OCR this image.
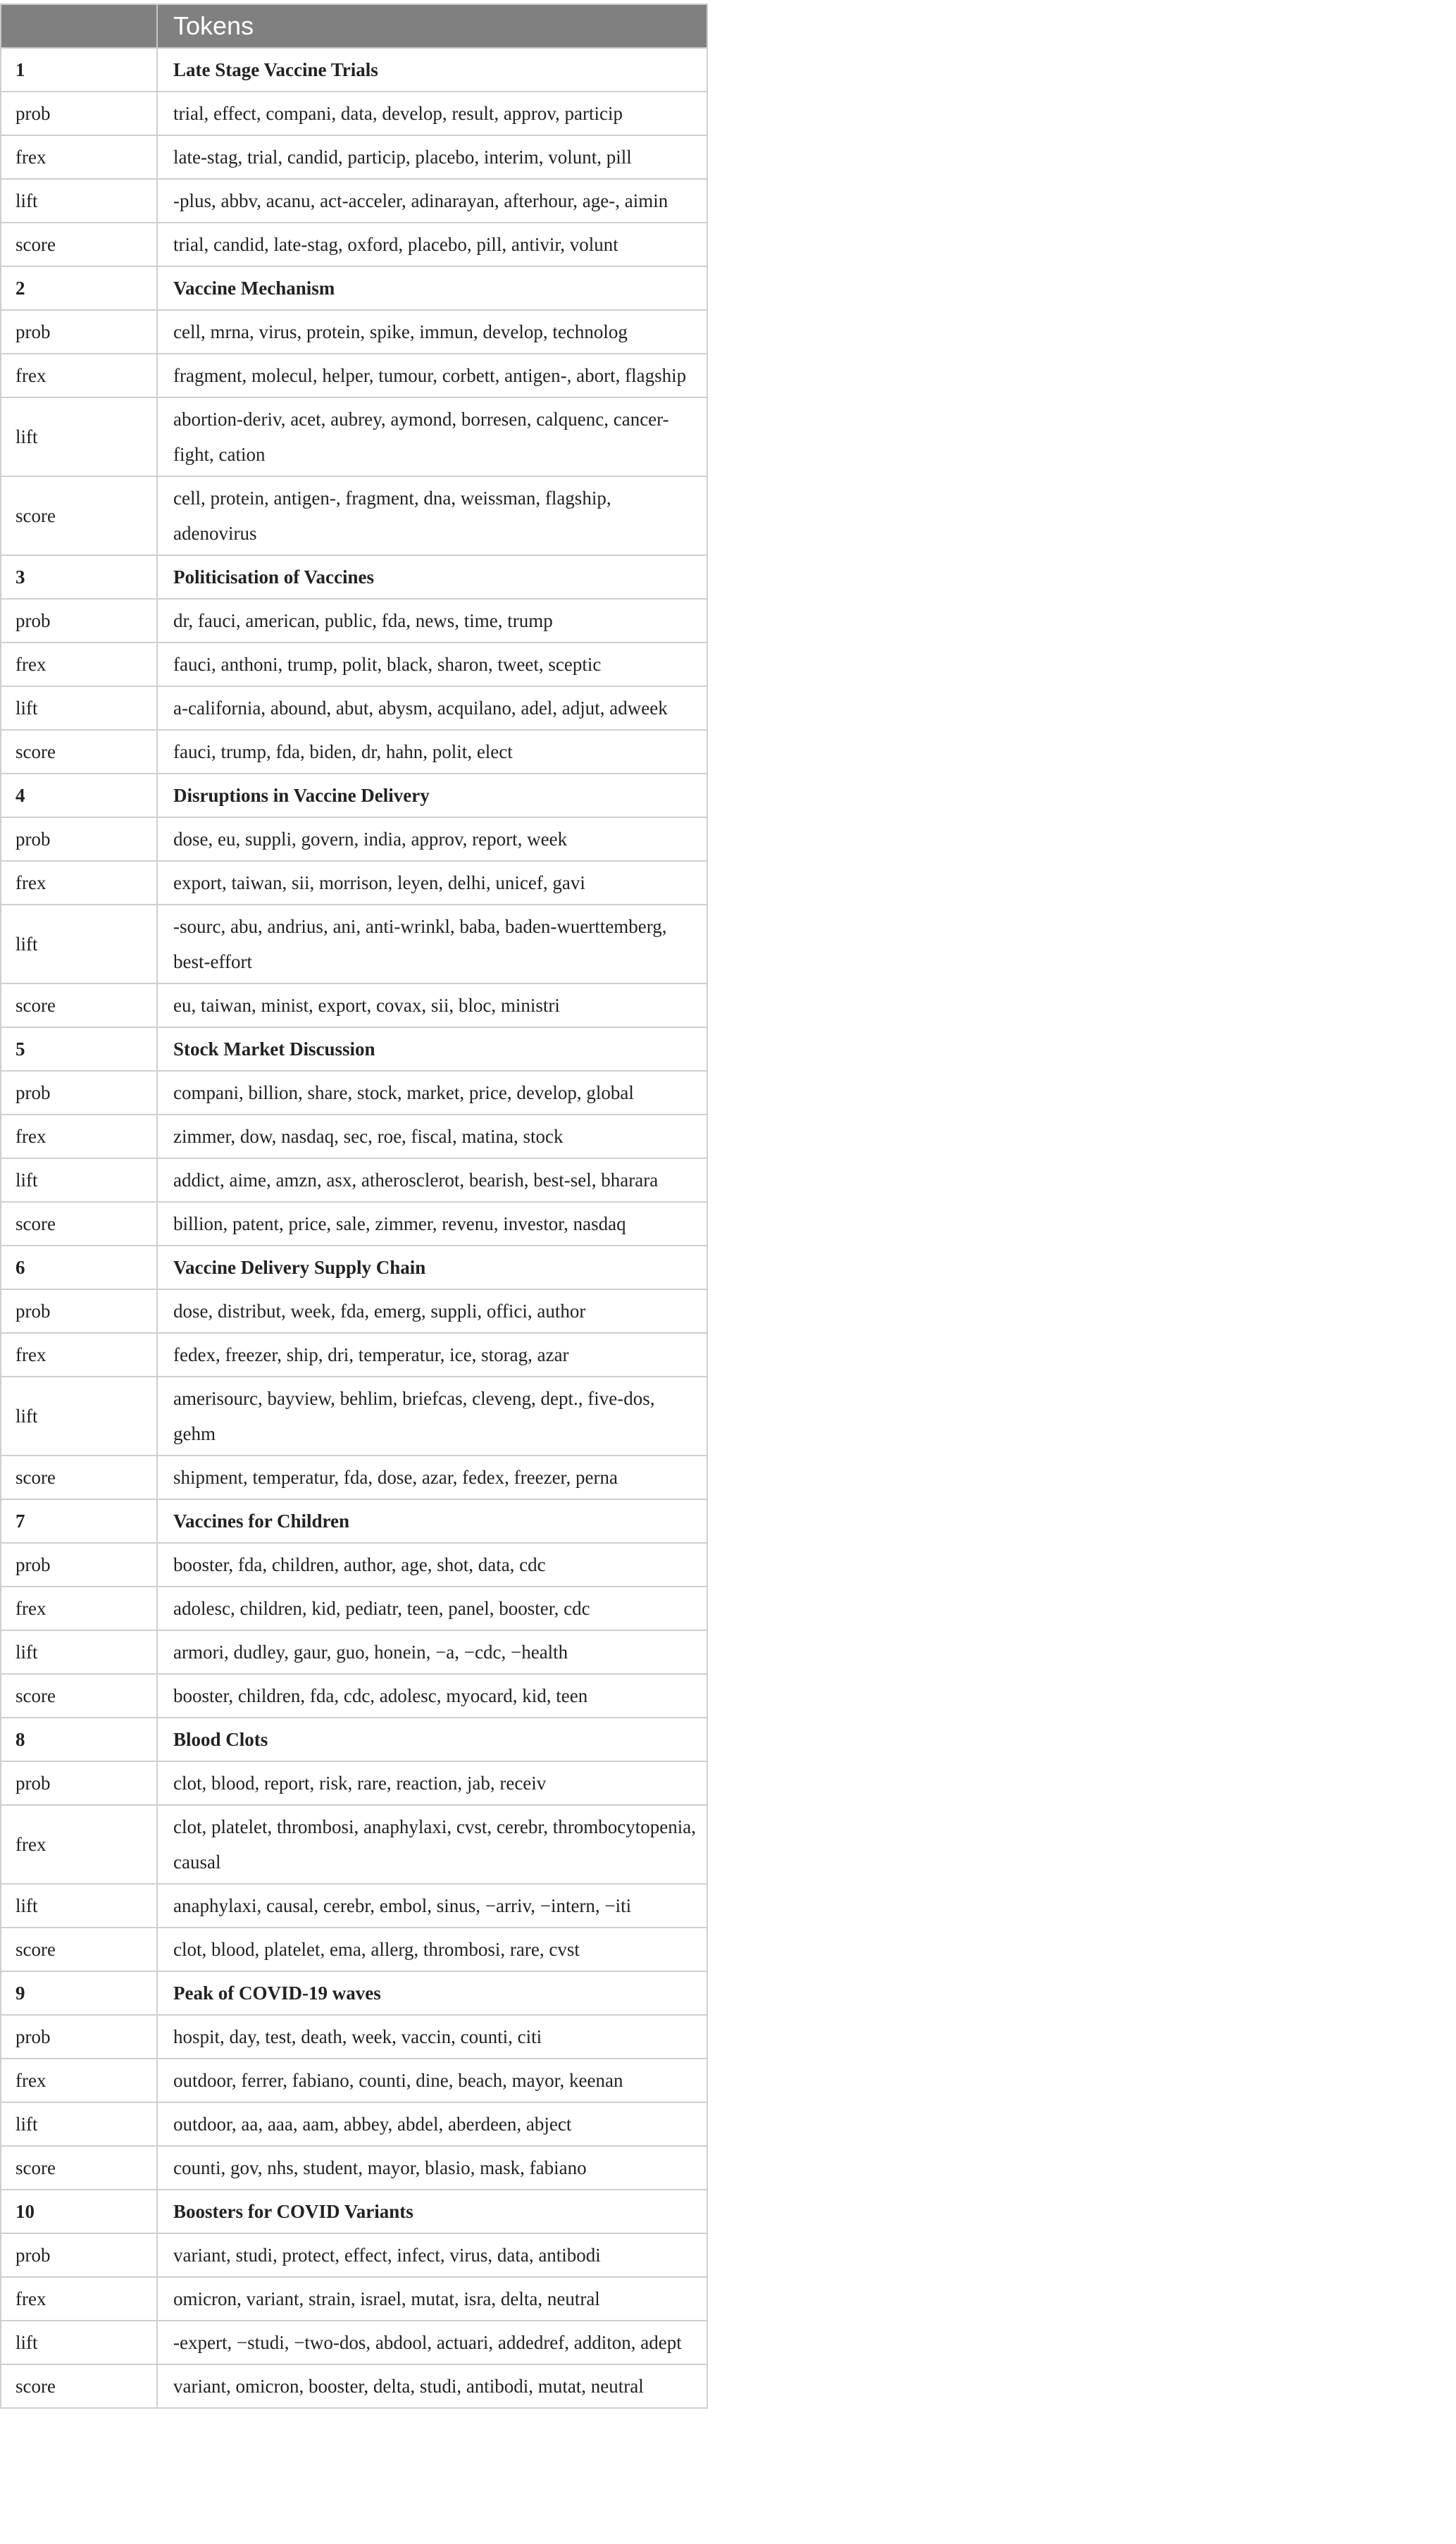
	Tokens
1	Late Stage Vaccine Trials
prob	trial, effect, compani, data, develop, result, approv, particip
frex	late-stag, trial, candid, particip, placebo, interim, volunt, pill
lift	-plus, abbv, acanu, act-acceler, adinarayan, afterhour, age-, aimin
score	trial, candid, late-stag, oxford, placebo, pill, antivir, volunt
2	Vaccine Mechanism
prob	cell, mrna, virus, protein, spike, immun, develop, technolog
frex	fragment, molecul, helper, tumour, corbett, antigen-, abort, flagship
lift	abortion-deriv, acet, aubrey, aymond, borresen, calquenc, cancer-fight, cation
score	cell, protein, antigen-, fragment, dna, weissman, flagship, adenovirus
3	Politicisation of Vaccines
prob	dr, fauci, american, public, fda, news, time, trump
frex	fauci, anthoni, trump, polit, black, sharon, tweet, sceptic
lift	a-california, abound, abut, abysm, acquilano, adel, adjut, adweek
score	fauci, trump, fda, biden, dr, hahn, polit, elect
4	Disruptions in Vaccine Delivery
prob	dose, eu, suppli, govern, india, approv, report, week
frex	export, taiwan, sii, morrison, leyen, delhi, unicef, gavi
lift	-sourc, abu, andrius, ani, anti-wrinkl, baba, baden-wuerttemberg, best-effort
score	eu, taiwan, minist, export, covax, sii, bloc, ministri
5	Stock Market Discussion
prob	compani, billion, share, stock, market, price, develop, global
frex	zimmer, dow, nasdaq, sec, roe, fiscal, matina, stock
lift	addict, aime, amzn, asx, atherosclerot, bearish, best-sel, bharara
score	billion, patent, price, sale, zimmer, revenu, investor, nasdaq
6	Vaccine Delivery Supply Chain
prob	dose, distribut, week, fda, emerg, suppli, offici, author
frex	fedex, freezer, ship, dri, temperatur, ice, storag, azar
lift	amerisourc, bayview, behlim, briefcas, cleveng, dept., five-dos, gehm
score	shipment, temperatur, fda, dose, azar, fedex, freezer, perna
7	Vaccines for Children
prob	booster, fda, children, author, age, shot, data, cdc
frex	adolesc, children, kid, pediatr, teen, panel, booster, cdc
lift	armori, dudley, gaur, guo, honein, −a, −cdc, −health
score	booster, children, fda, cdc, adolesc, myocard, kid, teen
8	Blood Clots
prob	clot, blood, report, risk, rare, reaction, jab, receiv
frex	clot, platelet, thrombosi, anaphylaxi, cvst, cerebr, thrombocytopenia, causal
lift	anaphylaxi, causal, cerebr, embol, sinus, −arriv, −intern, −iti
score	clot, blood, platelet, ema, allerg, thrombosi, rare, cvst
9	Peak of COVID-19 waves
prob	hospit, day, test, death, week, vaccin, counti, citi
frex	outdoor, ferrer, fabiano, counti, dine, beach, mayor, keenan
lift	outdoor, aa, aaa, aam, abbey, abdel, aberdeen, abject
score	counti, gov, nhs, student, mayor, blasio, mask, fabiano
10	Boosters for COVID Variants
prob	variant, studi, protect, effect, infect, virus, data, antibodi
frex	omicron, variant, strain, israel, mutat, isra, delta, neutral
lift	-expert, −studi, −two-dos, abdool, actuari, addedref, additon, adept
score	variant, omicron, booster, delta, studi, antibodi, mutat, neutral
